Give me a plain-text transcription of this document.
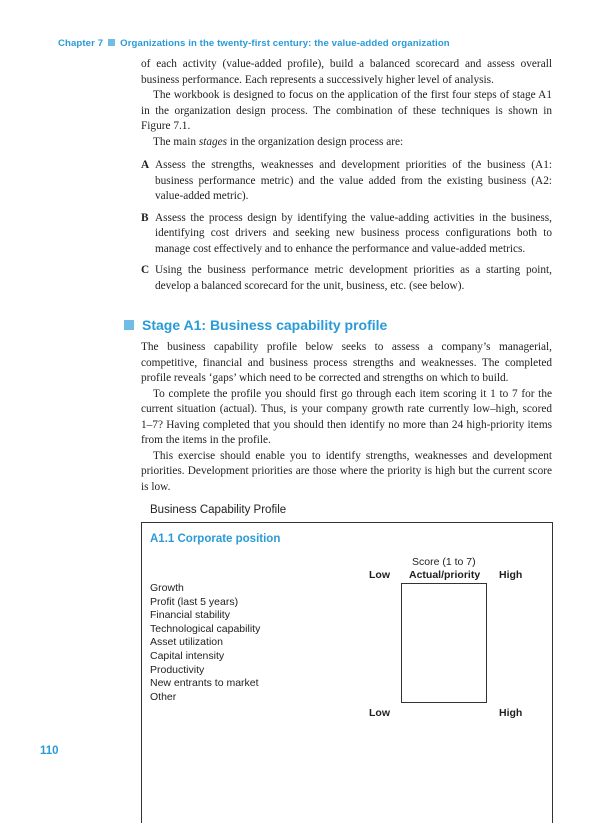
Chapter 7 Organizations in the twenty-first century: the value-added organization

of each activity (value-added profile), build a balanced scorecard and assess overall business performance. Each represents a successively higher level of analysis.

The workbook is designed to focus on the application of the first four steps of stage A1 in the organization design process. The combination of these techniques is shown in Figure 7.1.

The main stages in the organization design process are:

A Assess the strengths, weaknesses and development priorities of the business (A1: business performance metric) and the value added from the existing business (A2: value-added metric).
B Assess the process design by identifying the value-adding activities in the business, identifying cost drivers and seeking new business process configurations both to manage cost effectively and to enhance the performance and value-added metrics.
C Using the business performance metric development priorities as a starting point, develop a balanced scorecard for the unit, business, etc. (see below).
Stage A1: Business capability profile

The business capability profile below seeks to assess a company’s managerial, competitive, financial and business process strengths and weaknesses. The completed profile reveals ‘gaps’ which need to be corrected and strengths on which to build.

To complete the profile you should first go through each item scoring it 1 to 7 for the current situation (actual). Thus, is your company growth rate currently low–high, scored 1–7? Having completed that you should then identify no more than 24 high-priority items from the items in the profile.

This exercise should enable you to identify strengths, weaknesses and development priorities. Development priorities are those where the priority is high but the current score is low.

Business Capability Profile
A1.1 Corporate position
Score (1 to 7)
Low Actual/priority High
Growth
Profit (last 5 years)
Financial stability
Technological capability
Asset utilization
Capital intensity
Productivity
New entrants to market
Other
Low	High
110
